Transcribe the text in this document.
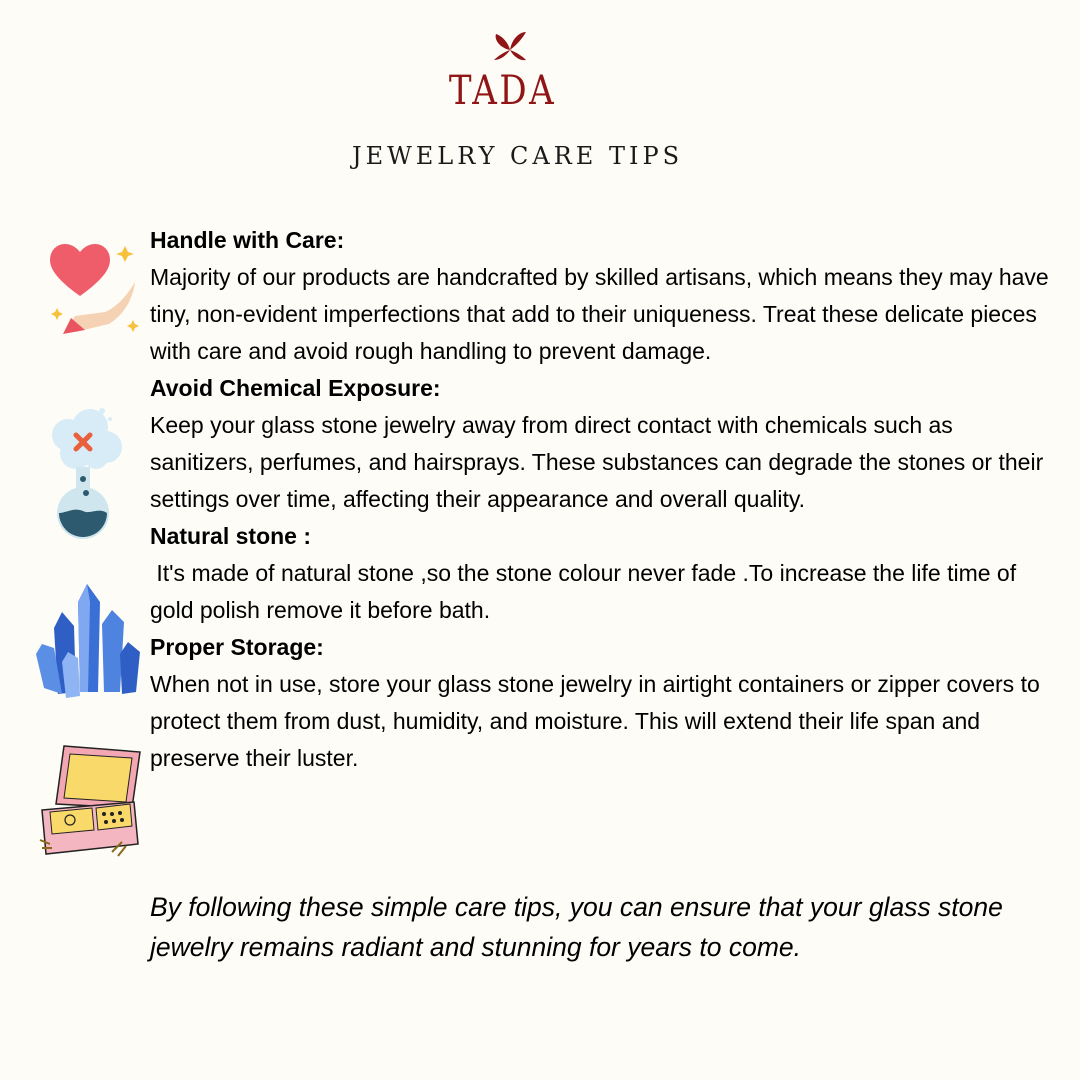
TADA
JEWELRY CARE TIPS

Handle with Care:

Majority of our products are handcrafted by skilled artisans, which means they may have tiny, non-evident imperfections that add to their uniqueness. Treat these delicate pieces with care and avoid rough handling to prevent damage.

Avoid Chemical Exposure:

Keep your glass stone jewelry away from direct contact with chemicals such as sanitizers, perfumes, and hairsprays. These substances can degrade the stones or their settings over time, affecting their appearance and overall quality.

Natural stone :

It's made of natural stone ,so the stone colour never fade .To increase the life time of gold polish remove it before bath.

Proper Storage:

When not in use, store your glass stone jewelry in airtight containers or zipper covers to protect them from dust, humidity, and moisture. This will extend their life span and preserve their luster.

By following these simple care tips, you can ensure that your glass stone jewelry remains radiant and stunning for years to come.
